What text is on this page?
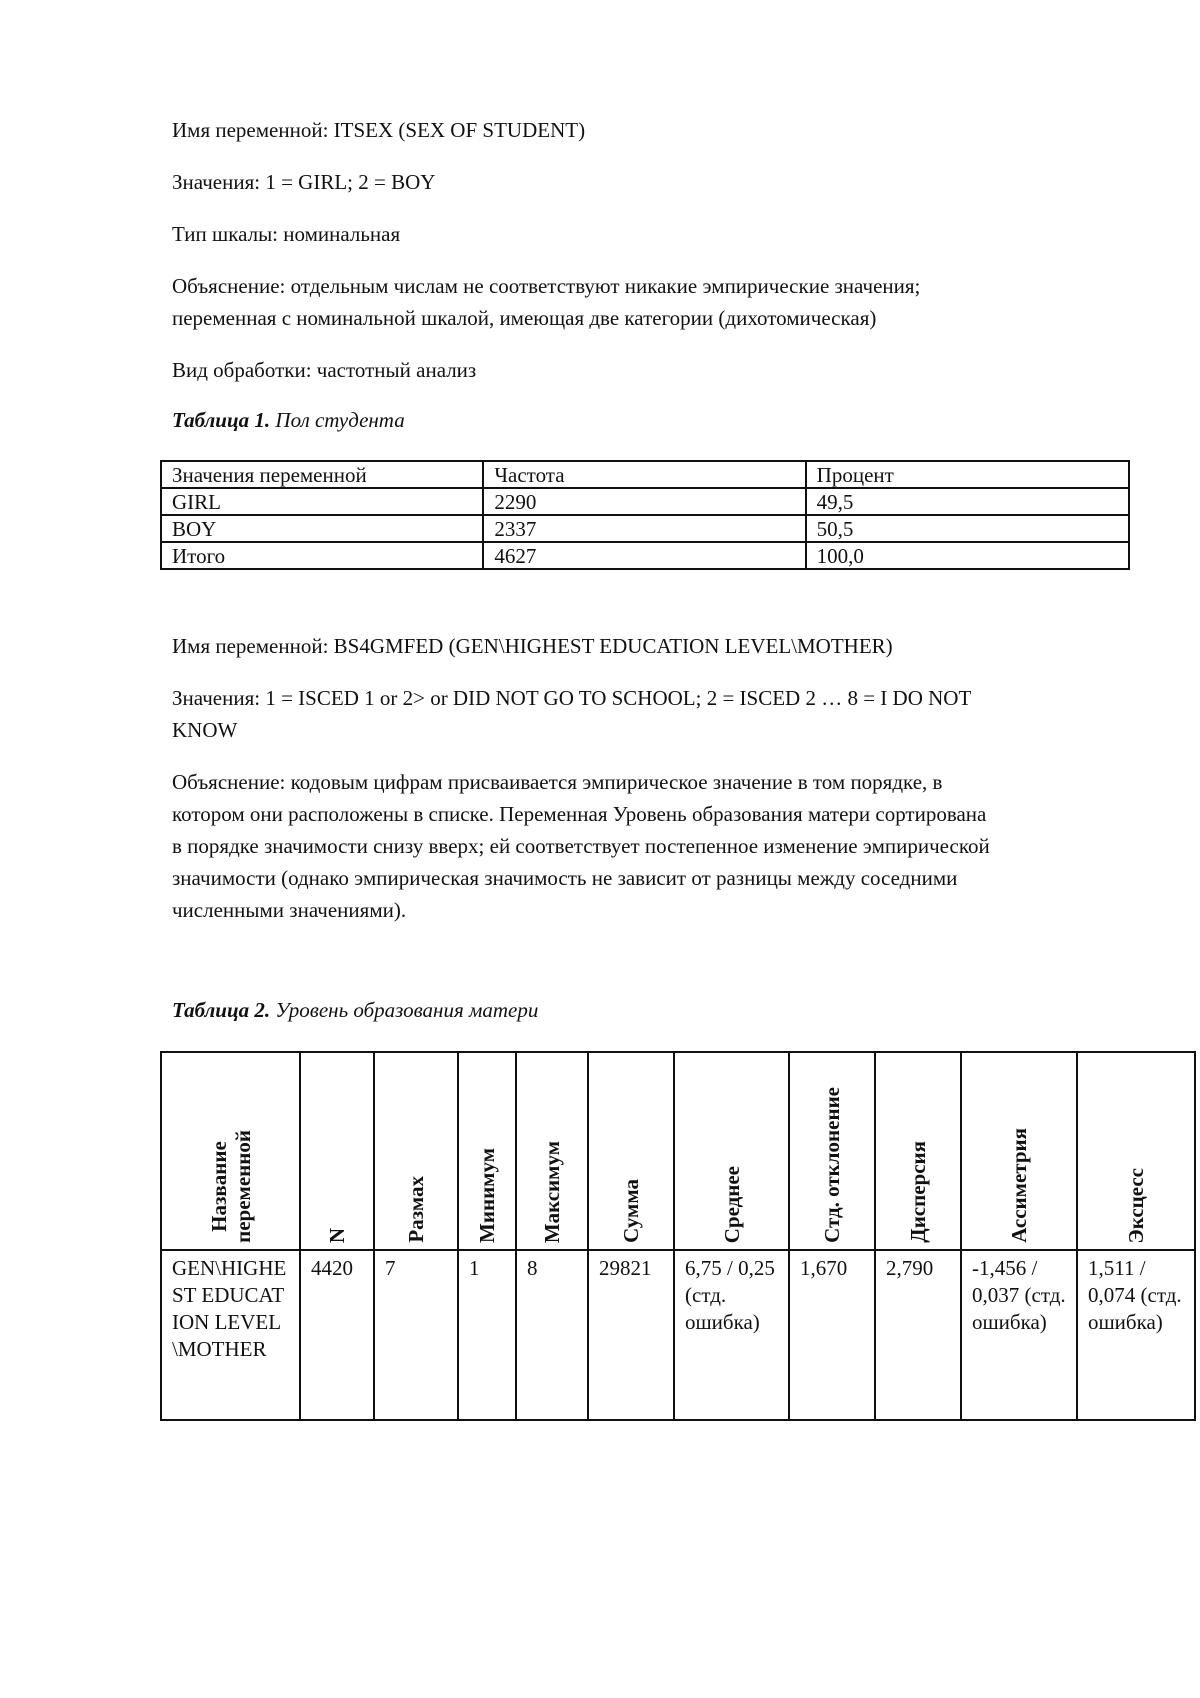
Имя переменной: ITSEX (SEX OF STUDENT)

Значения: 1 = GIRL; 2 = BOY

Тип шкалы: номинальная

Объяснение: отдельным числам не соответствуют никакие эмпирические значения;
переменная с номинальной шкалой, имеющая две категории (дихотомическая)

Вид обработки: частотный анализ

Таблица 1. Пол студента

Значения переменной	Частота	Процент
GIRL	2290	49,5
BOY	2337	50,5
Итого	4627	100,0

Имя переменной: BS4GMFED (GEN\HIGHEST EDUCATION LEVEL\MOTHER)

Значения: 1 = ISCED 1 or 2> or DID NOT GO TO SCHOOL; 2 = ISCED 2 … 8 = I DO NOT
KNOW

Объяснение: кодовым цифрам присваивается эмпирическое значение в том порядке, в
котором они расположены в списке. Переменная Уровень образования матери сортирована
в порядке значимости снизу вверх; ей соответствует постепенное изменение эмпирической
значимости (однако эмпирическая значимость не зависит от разницы между соседними
численными значениями).

Таблица 2. Уровень образования матери

Название
переменной	N	Размах	Минимум	Максимум	Сумма	Среднее	Стд. отклонение	Дисперсия	Ассиметрия	Эксцесс

GEN\HIGHEST EDUCATION LEVEL\MOTHER	4420	7	1	8	29821	6,75 / 0,25 (стд. ошибка)	1,670	2,790	-1,456 / 0,037 (стд. ошибка)	1,511 / 0,074 (стд. ошибка)
